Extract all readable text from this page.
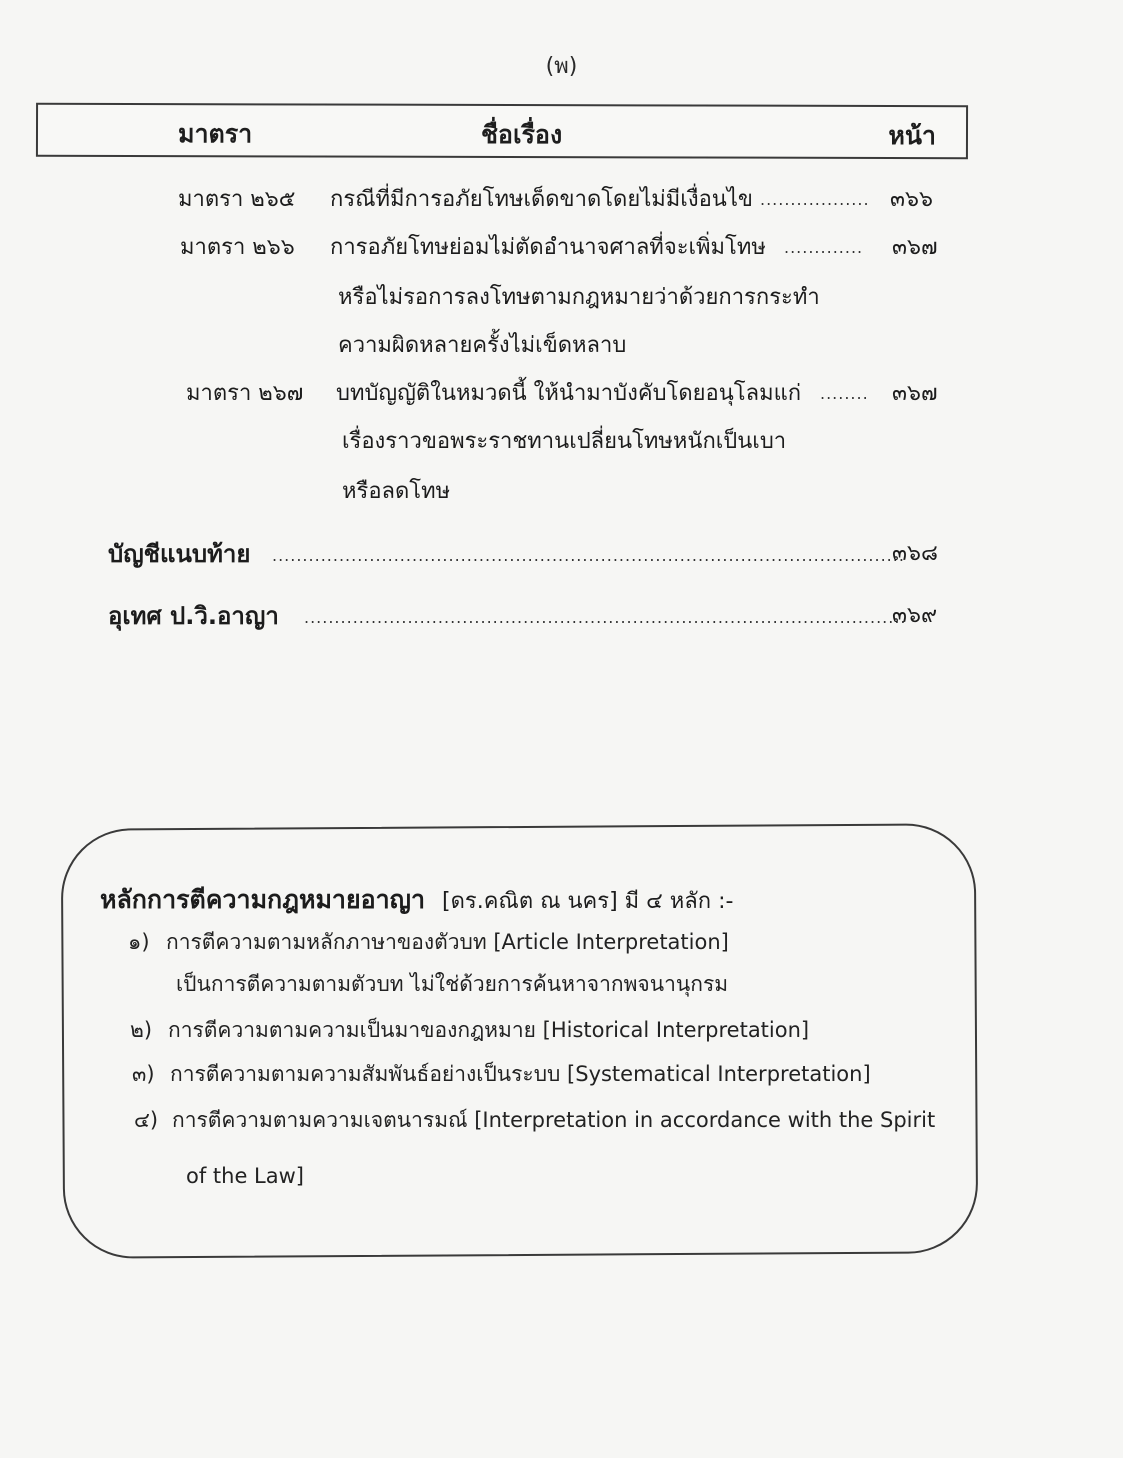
(พ)
มาตรา	ชื่อเรื่อง	หน้า
มาตรา ๒๖๕ กรณีที่มีการอภัยโทษเด็ดขาดโดยไม่มีเงื่อนไข .................. ๓๖๖
มาตรา ๒๖๖ การอภัยโทษย่อมไม่ตัดอำนาจศาลที่จะเพิ่มโทษ ............. ๓๖๗
หรือไม่รอการลงโทษตามกฎหมายว่าด้วยการกระทำ
ความผิดหลายครั้งไม่เข็ดหลาบ
มาตรา ๒๖๗ บทบัญญัติในหมวดนี้ ให้นำมาบังคับโดยอนุโลมแก่ ........ ๓๖๗
เรื่องราวขอพระราชทานเปลี่ยนโทษหนักเป็นเบา
หรือลดโทษ
บัญชีแนบท้าย ........................................................................................................
๓๖๘
อุเทศ ป.วิ.อาญา ...................................................................................................
๓๖๙
หลักการตีความกฎหมายอาญา [ดร.คณิต ณ นคร] มี ๔ หลัก :-
๑) การตีความตามหลักภาษาของตัวบท [Article Interpretation]
เป็นการตีความตามตัวบท ไม่ใช่ด้วยการค้นหาจากพจนานุกรม
๒) การตีความตามความเป็นมาของกฎหมาย [Historical Interpretation]
๓) การตีความตามความสัมพันธ์อย่างเป็นระบบ [Systematical Interpretation]
๔) การตีความตามความเจตนารมณ์ [Interpretation in accordance with the Spirit
of the Law]
